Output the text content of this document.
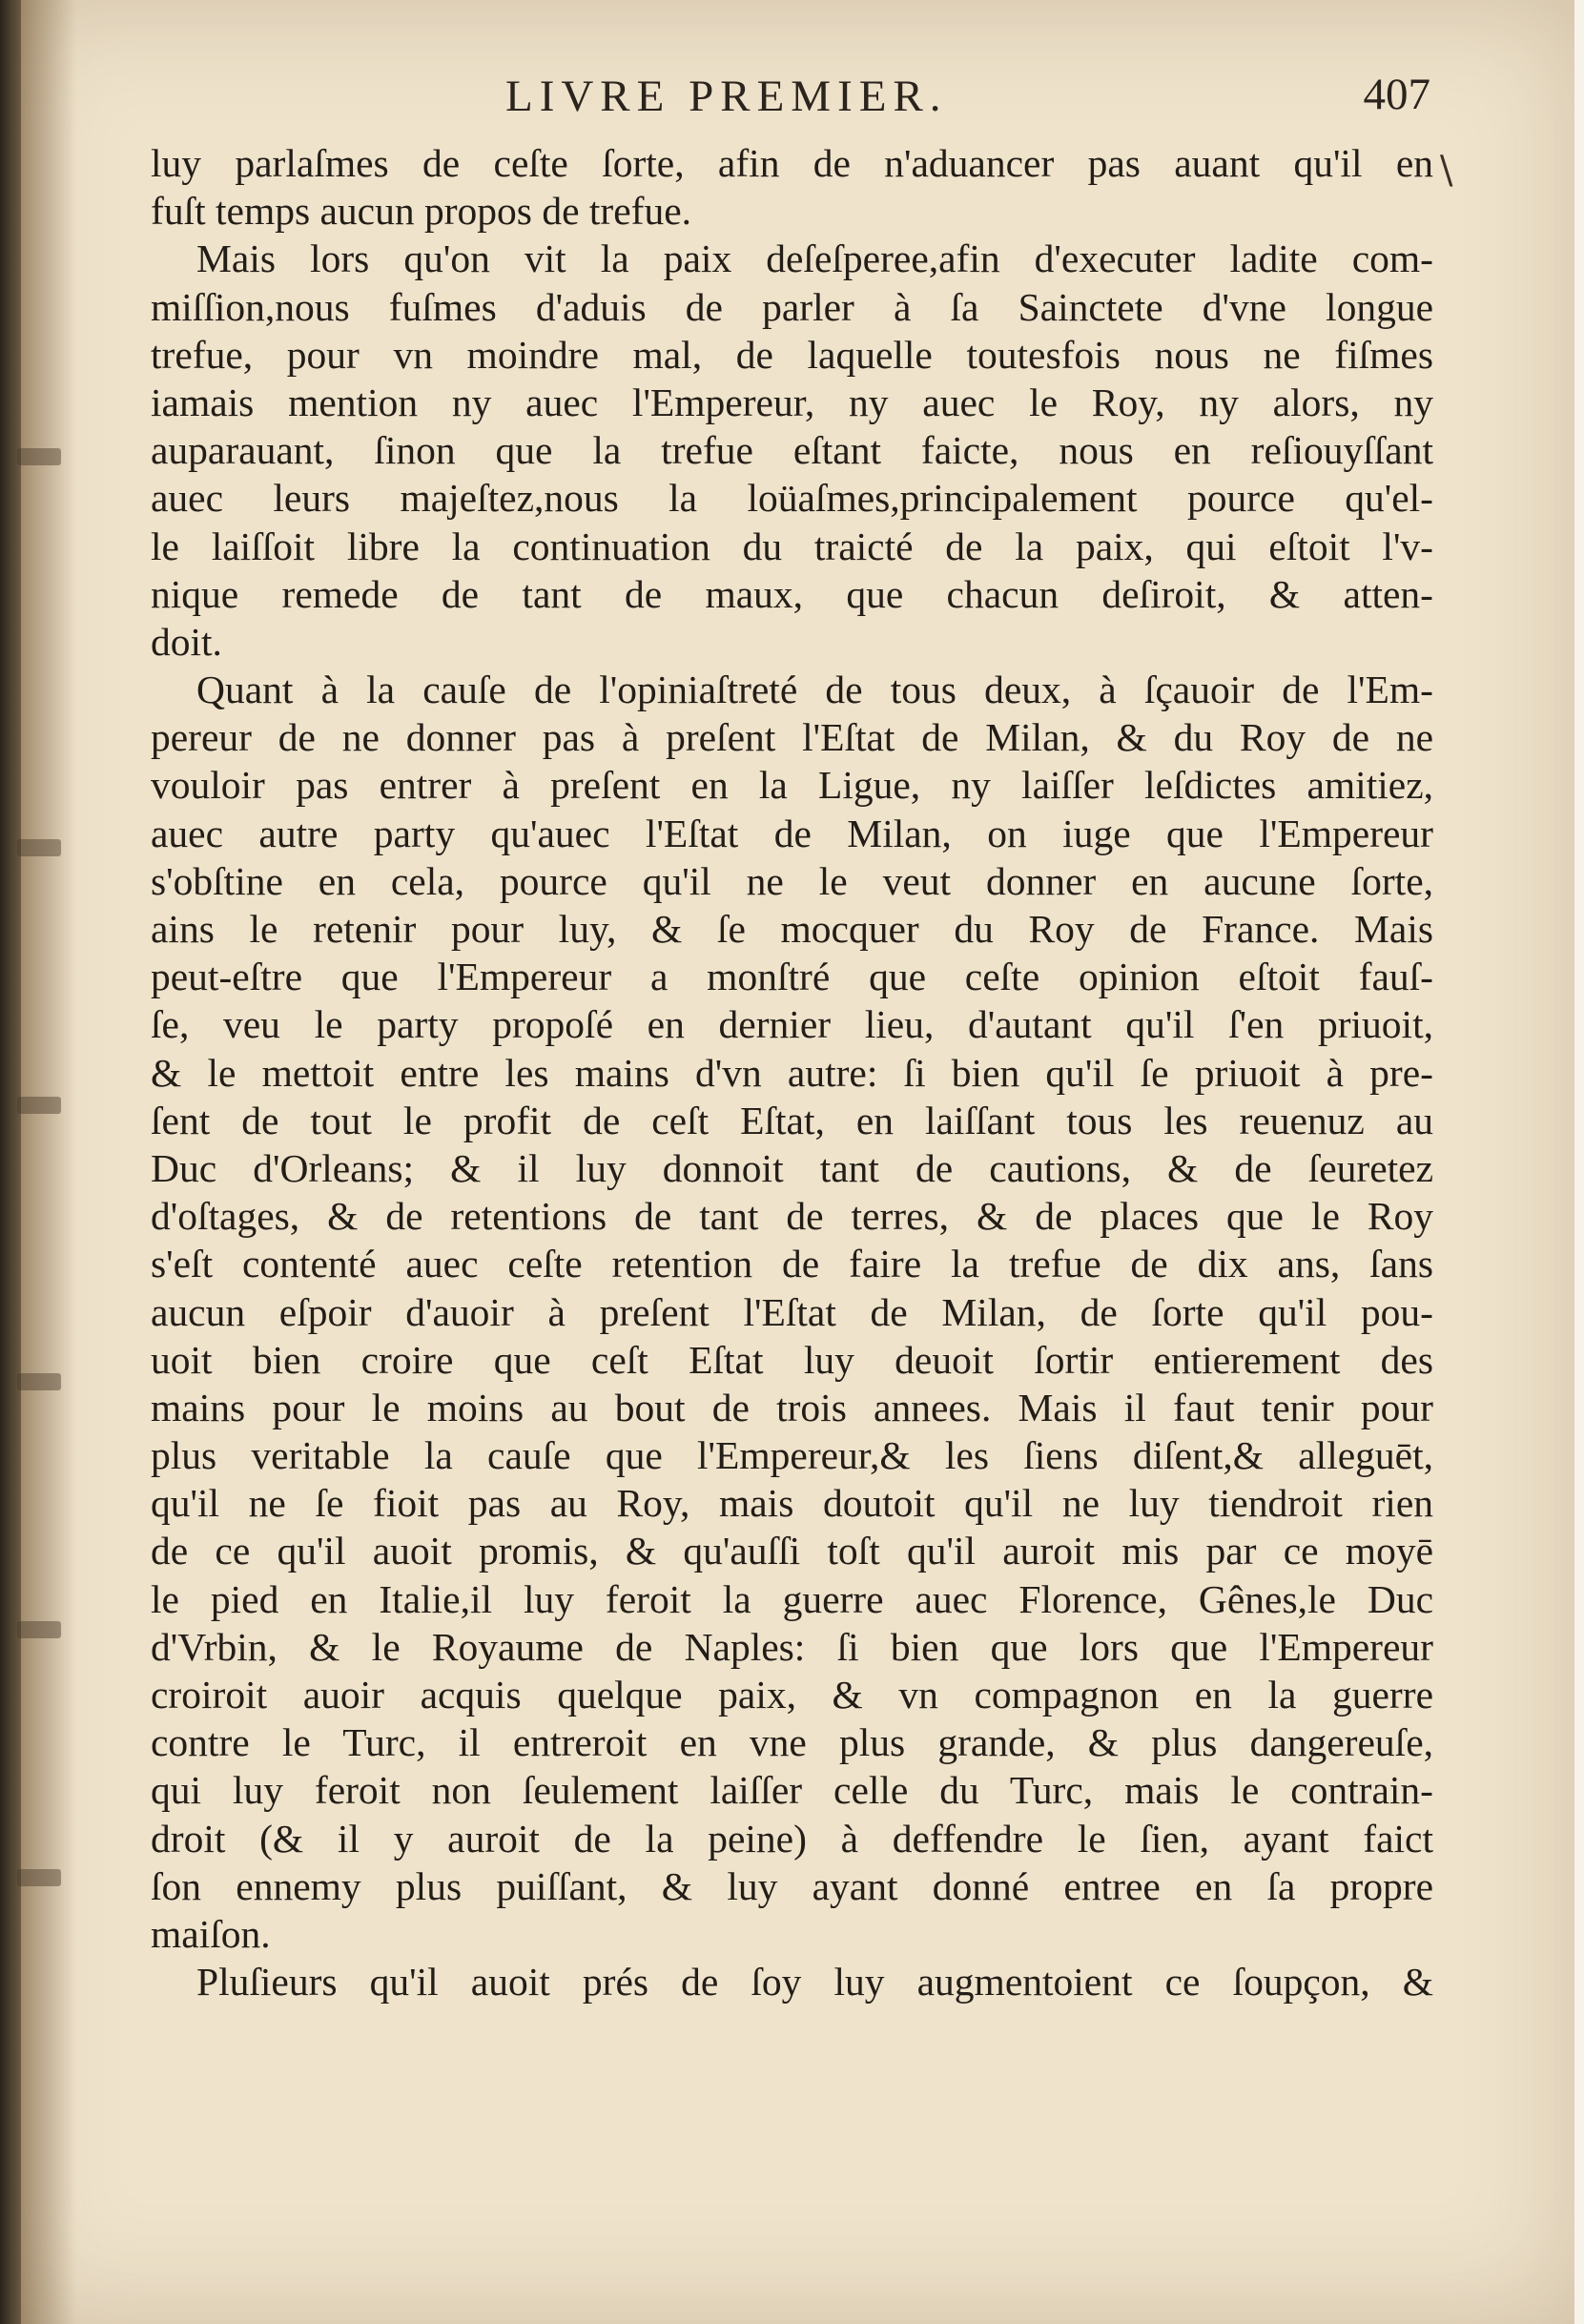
LIVRE PREMIER.	407
\
luy parlaſmes de ceſte ſorte, afin de n'aduancer pas auant qu'il en
fuſt temps aucun propos de trefue.
Mais lors qu'on vit la paix deſeſperee,afin d'executer ladite com-
miſſion,nous fuſmes d'aduis de parler à ſa Sainctete d'vne longue
trefue, pour vn moindre mal, de laquelle toutesfois nous ne fiſmes
iamais mention ny auec l'Empereur, ny auec le Roy, ny alors, ny
auparauant, ſinon que la trefue eſtant faicte, nous en reſiouyſſant
auec leurs majeſtez,nous la loüaſmes,principalement pource qu'el-
le laiſſoit libre la continuation du traicté de la paix, qui eſtoit l'v-
nique remede de tant de maux, que chacun deſiroit, & atten-
doit.
Quant à la cauſe de l'opiniaſtreté de tous deux, à ſçauoir de l'Em-
pereur de ne donner pas à preſent l'Eſtat de Milan, & du Roy de ne
vouloir pas entrer à preſent en la Ligue, ny laiſſer leſdictes amitiez,
auec autre party qu'auec l'Eſtat de Milan, on iuge que l'Empereur
s'obſtine en cela, pource qu'il ne le veut donner en aucune ſorte,
ains le retenir pour luy, & ſe mocquer du Roy de France. Mais
peut-eſtre que l'Empereur a monſtré que ceſte opinion eſtoit fauſ-
ſe, veu le party propoſé en dernier lieu, d'autant qu'il ſ'en priuoit,
& le mettoit entre les mains d'vn autre: ſi bien qu'il ſe priuoit à pre-
ſent de tout le profit de ceſt Eſtat, en laiſſant tous les reuenuz au
Duc d'Orleans; & il luy donnoit tant de cautions, & de ſeuretez
d'oſtages, & de retentions de tant de terres, & de places que le Roy
s'eſt contenté auec ceſte retention de faire la trefue de dix ans, ſans
aucun eſpoir d'auoir à preſent l'Eſtat de Milan, de ſorte qu'il pou-
uoit bien croire que ceſt Eſtat luy deuoit ſortir entierement des
mains pour le moins au bout de trois annees. Mais il faut tenir pour
plus veritable la cauſe que l'Empereur,& les ſiens diſent,& alleguēt,
qu'il ne ſe fioit pas au Roy, mais doutoit qu'il ne luy tiendroit rien
de ce qu'il auoit promis, & qu'auſſi toſt qu'il auroit mis par ce moyē
le pied en Italie,il luy feroit la guerre auec Florence, Gênes,le Duc
d'Vrbin, & le Royaume de Naples: ſi bien que lors que l'Empereur
croiroit auoir acquis quelque paix, & vn compagnon en la guerre
contre le Turc, il entreroit en vne plus grande, & plus dangereuſe,
qui luy feroit non ſeulement laiſſer celle du Turc, mais le contrain-
droit (& il y auroit de la peine) à deffendre le ſien, ayant faict
ſon ennemy plus puiſſant, & luy ayant donné entree en ſa propre
maiſon.
Pluſieurs qu'il auoit prés de ſoy luy augmentoient ce ſoupçon, &
